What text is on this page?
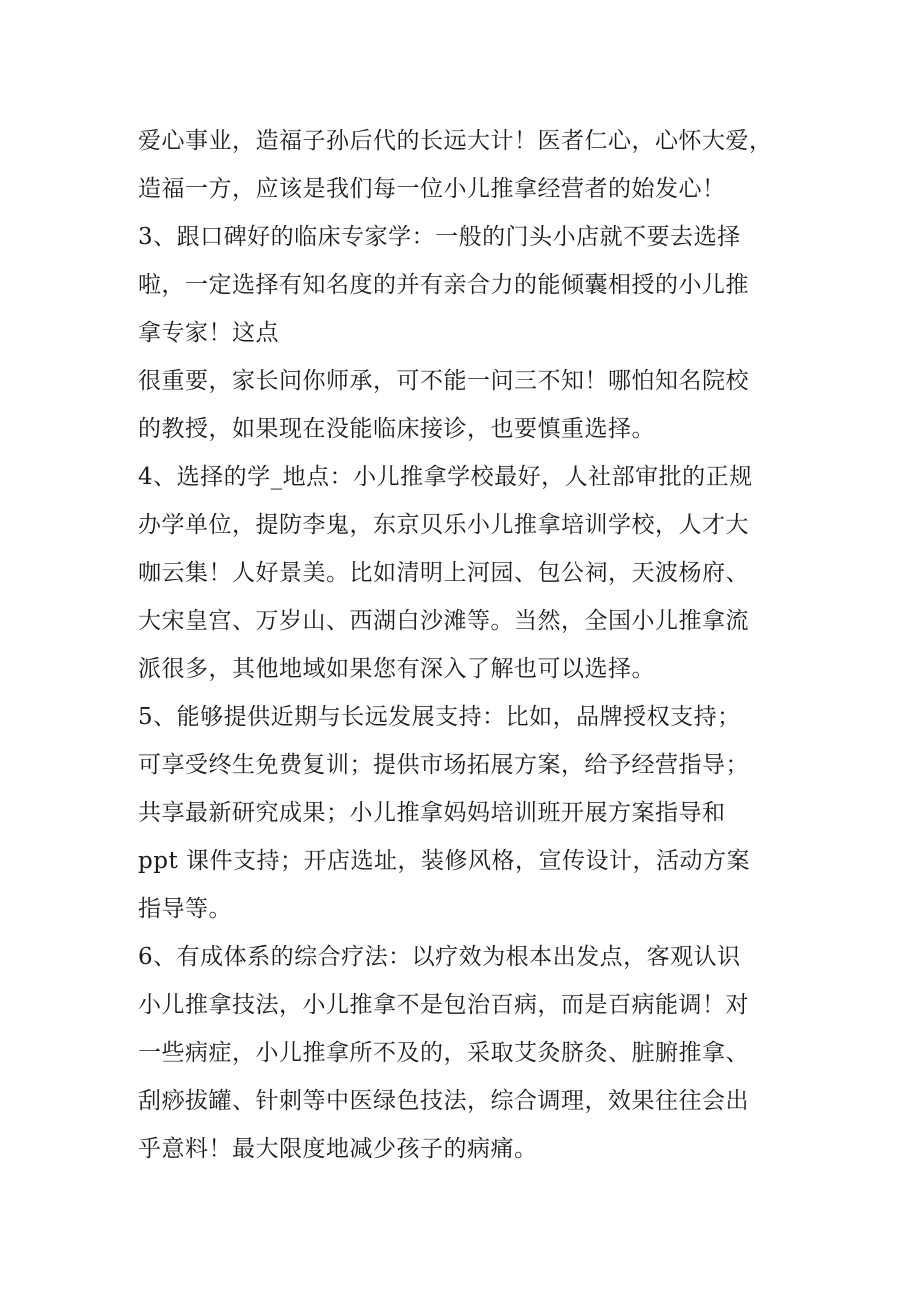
爱心事业，造福子孙后代的长远大计！医者仁心，心怀大爱，
造福一方，应该是我们每一位小儿推拿经营者的始发心！
3、跟口碑好的临床专家学：一般的门头小店就不要去选择
啦，一定选择有知名度的并有亲合力的能倾囊相授的小儿推
拿专家！这点
很重要，家长问你师承，可不能一问三不知！哪怕知名院校
的教授，如果现在没能临床接诊，也要慎重选择。
4、选择的学_地点：小儿推拿学校最好，人社部审批的正规
办学单位，提防李鬼，东京贝乐小儿推拿培训学校，人才大
咖云集！人好景美。比如清明上河园、包公祠，天波杨府、
大宋皇宫、万岁山、西湖白沙滩等。当然，全国小儿推拿流
派很多，其他地域如果您有深入了解也可以选择。
5、能够提供近期与长远发展支持：比如，品牌授权支持；
可享受终生免费复训；提供市场拓展方案，给予经营指导；
共享最新研究成果；小儿推拿妈妈培训班开展方案指导和
ppt 课件支持；开店选址，装修风格，宣传设计，活动方案
指导等。
6、有成体系的综合疗法：以疗效为根本出发点，客观认识
小儿推拿技法，小儿推拿不是包治百病，而是百病能调！对
一些病症，小儿推拿所不及的，采取艾灸脐灸、脏腑推拿、
刮痧拔罐、针刺等中医绿色技法，综合调理，效果往往会出
乎意料！最大限度地减少孩子的病痛。
